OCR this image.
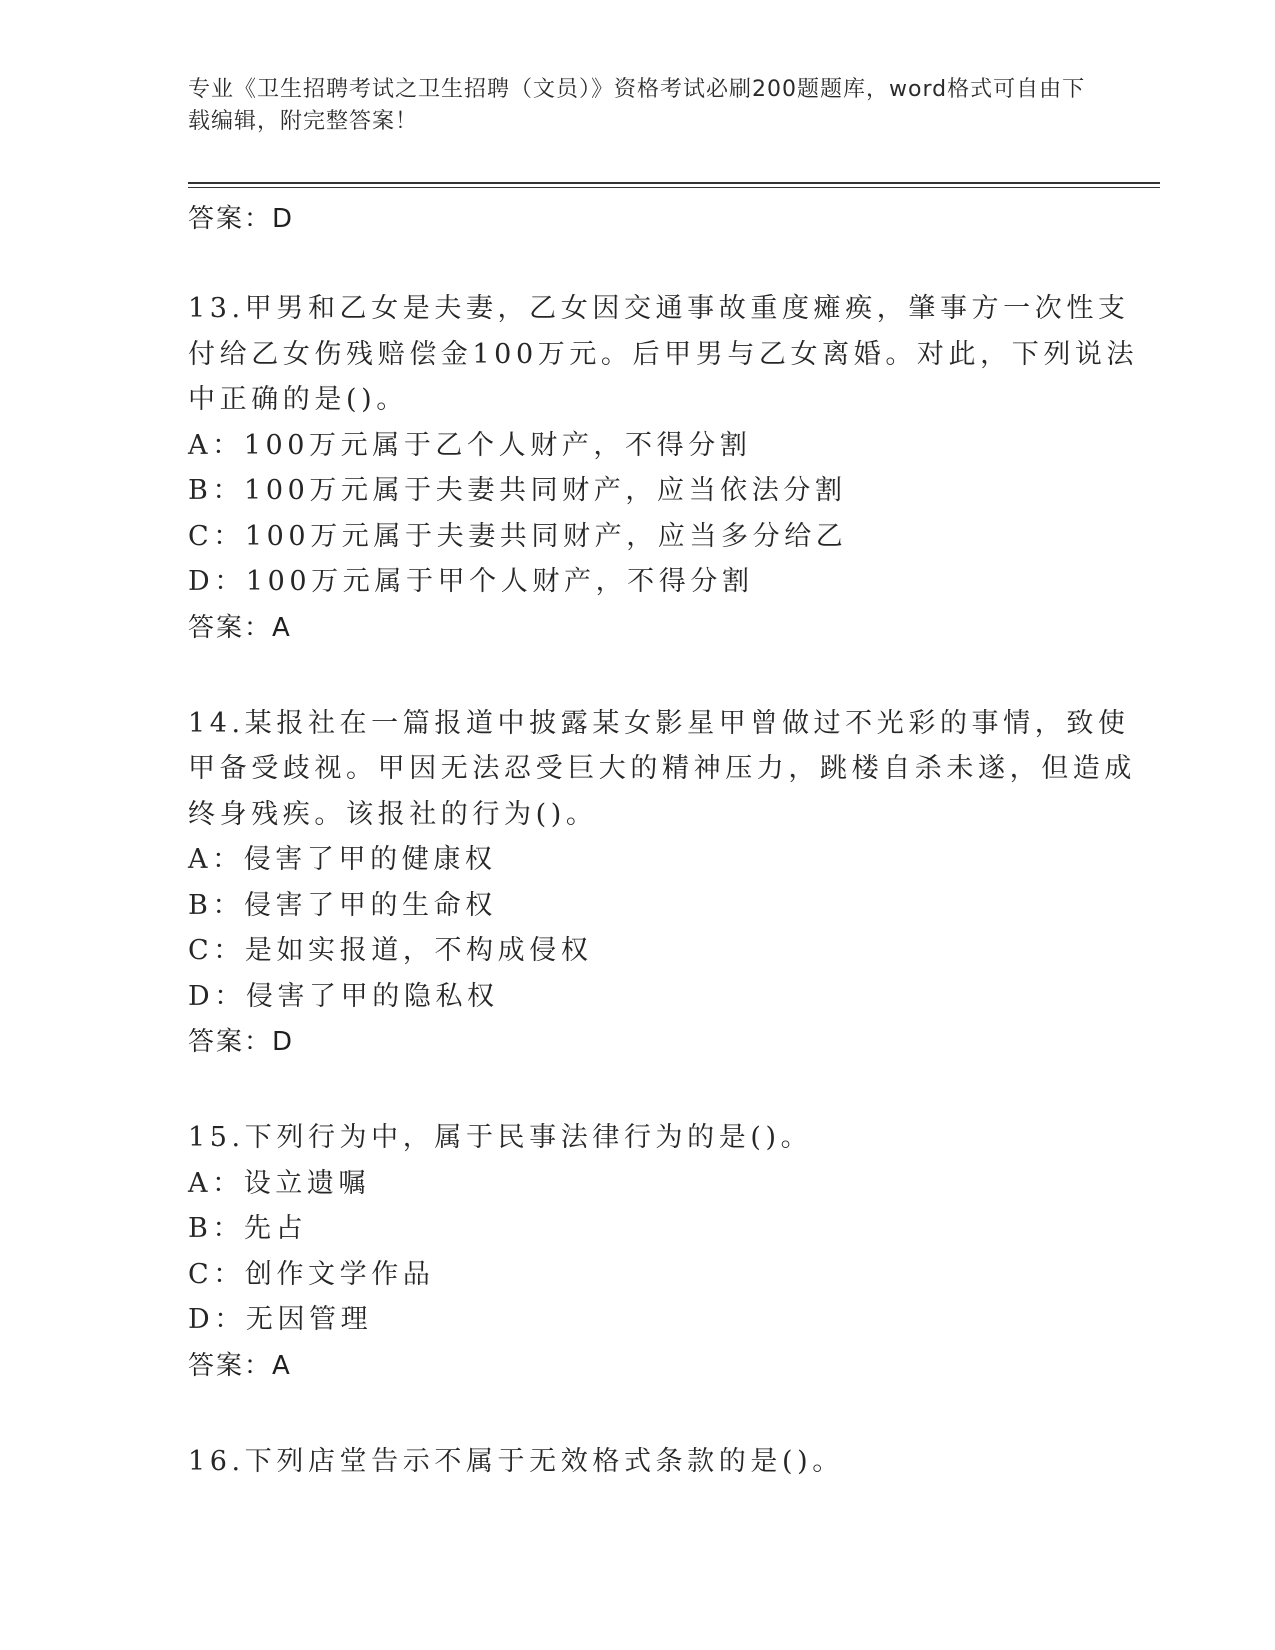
专业《卫生招聘考试之卫生招聘（文员）》资格考试必刷200题题库，word格式可自由下载编辑，附完整答案！
答案：D
13.甲男和乙女是夫妻，乙女因交通事故重度瘫痪，肇事方一次性支付给乙女伤残赔偿金100万元。后甲男与乙女离婚。对此，下列说法中正确的是()。
A：100万元属于乙个人财产，不得分割
B：100万元属于夫妻共同财产，应当依法分割
C：100万元属于夫妻共同财产，应当多分给乙
D：100万元属于甲个人财产，不得分割
答案：A
14.某报社在一篇报道中披露某女影星甲曾做过不光彩的事情，致使甲备受歧视。甲因无法忍受巨大的精神压力，跳楼自杀未遂，但造成终身残疾。该报社的行为()。
A：侵害了甲的健康权
B：侵害了甲的生命权
C：是如实报道，不构成侵权
D：侵害了甲的隐私权
答案：D
15.下列行为中，属于民事法律行为的是()。
A：设立遗嘱
B：先占
C：创作文学作品
D：无因管理
答案：A
16.下列店堂告示不属于无效格式条款的是()。
